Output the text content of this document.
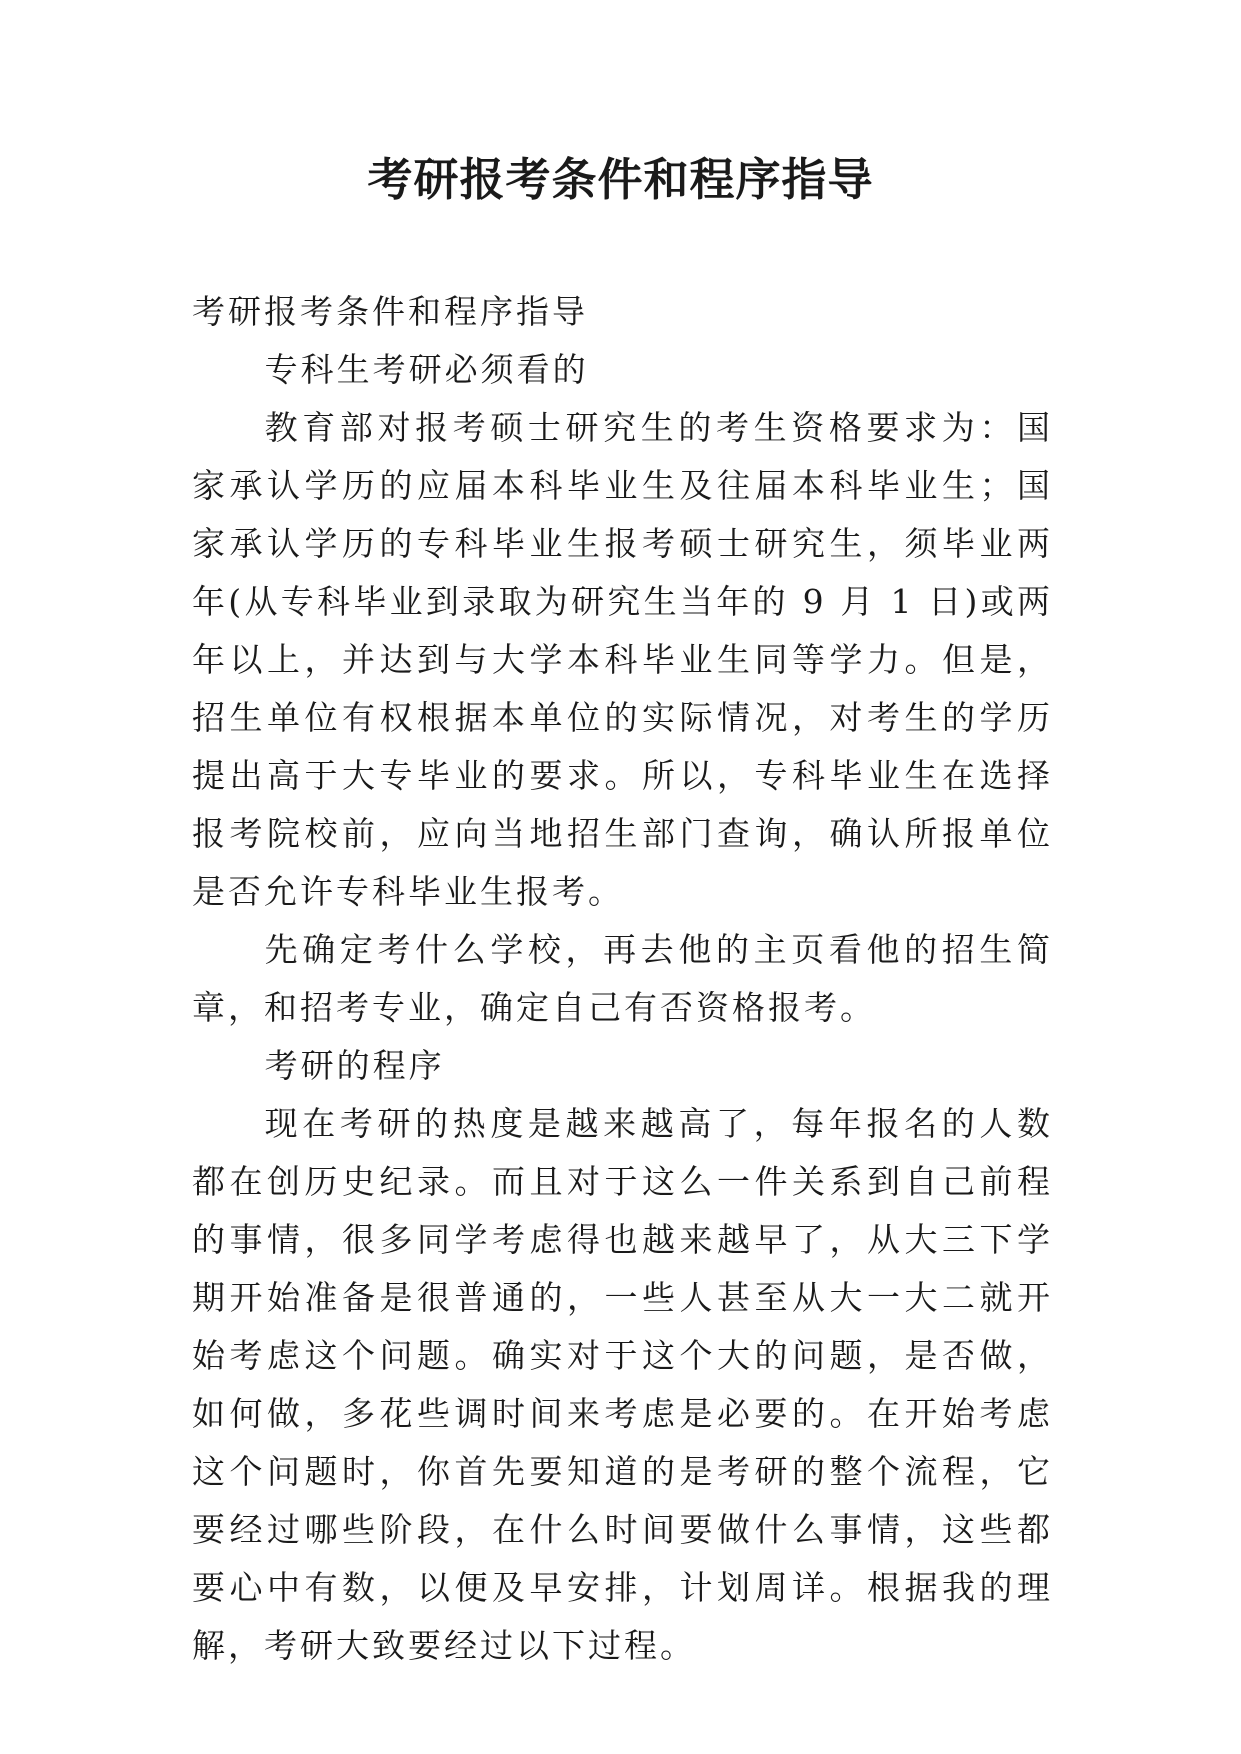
考研报考条件和程序指导

考研报考条件和程序指导

专科生考研必须看的

教育部对报考硕士研究生的考生资格要求为：国家承认学历的应届本科毕业生及往届本科毕业生；国家承认学历的专科毕业生报考硕士研究生，须毕业两年(从专科毕业到录取为研究生当年的 9 月 1 日)或两年以上，并达到与大学本科毕业生同等学力。但是，招生单位有权根据本单位的实际情况，对考生的学历提出高于大专毕业的要求。所以，专科毕业生在选择报考院校前，应向当地招生部门查询，确认所报单位是否允许专科毕业生报考。

先确定考什么学校，再去他的主页看他的招生简章，和招考专业，确定自己有否资格报考。

考研的程序

现在考研的热度是越来越高了，每年报名的人数都在创历史纪录。而且对于这么一件关系到自己前程的事情，很多同学考虑得也越来越早了，从大三下学期开始准备是很普通的，一些人甚至从大一大二就开始考虑这个问题。确实对于这个大的问题，是否做，如何做，多花些调时间来考虑是必要的。在开始考虑这个问题时，你首先要知道的是考研的整个流程，它要经过哪些阶段，在什么时间要做什么事情，这些都要心中有数，以便及早安排，计划周详。根据我的理解，考研大致要经过以下过程。
